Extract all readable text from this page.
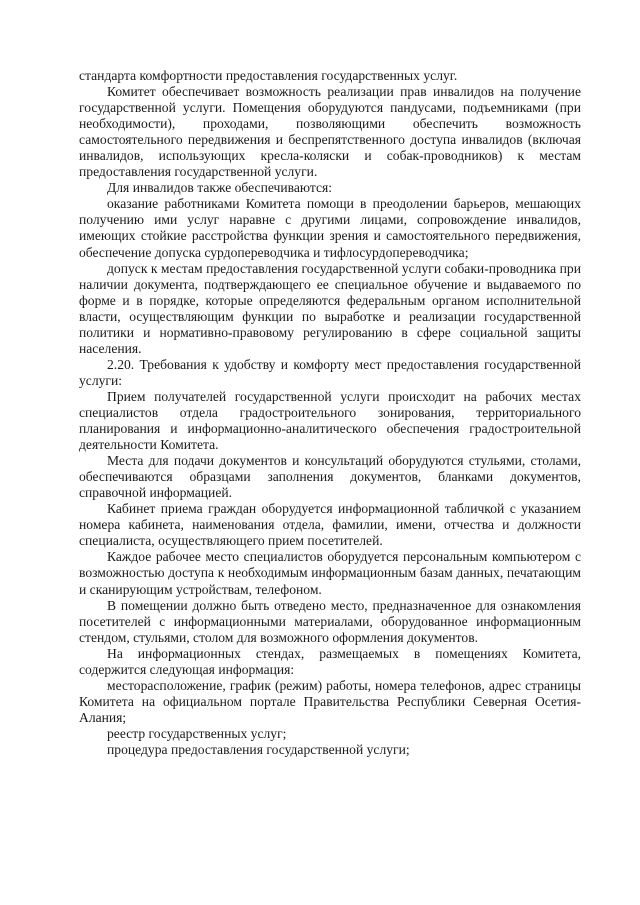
стандарта комфортности предоставления государственных услуг.

Комитет обеспечивает возможность реализации прав инвалидов на получение государственной услуги. Помещения оборудуются пандусами, подъемниками (при необходимости), проходами, позволяющими обеспечить возможность самостоятельного передвижения и беспрепятственного доступа инвалидов (включая инвалидов, использующих кресла-коляски и собак-проводников) к местам предоставления государственной услуги.

Для инвалидов также обеспечиваются:

оказание работниками Комитета помощи в преодолении барьеров, мешающих получению ими услуг наравне с другими лицами, сопровождение инвалидов, имеющих стойкие расстройства функции зрения и самостоятельного передвижения, обеспечение допуска сурдопереводчика и тифлосурдопереводчика;

допуск к местам предоставления государственной услуги собаки-проводника при наличии документа, подтверждающего ее специальное обучение и выдаваемого по форме и в порядке, которые определяются федеральным органом исполнительной власти, осуществляющим функции по выработке и реализации государственной политики и нормативно-правовому регулированию в сфере социальной защиты населения.

2.20. Требования к удобству и комфорту мест предоставления государственной услуги:

Прием получателей государственной услуги происходит на рабочих местах специалистов отдела градостроительного зонирования, территориального планирования и информационно-аналитического обеспечения градостроительной деятельности Комитета.

Места для подачи документов и консультаций оборудуются стульями, столами, обеспечиваются образцами заполнения документов, бланками документов, справочной информацией.

Кабинет приема граждан оборудуется информационной табличкой с указанием номера кабинета, наименования отдела, фамилии, имени, отчества и должности специалиста, осуществляющего прием посетителей.

Каждое рабочее место специалистов оборудуется персональным компьютером с возможностью доступа к необходимым информационным базам данных, печатающим и сканирующим устройствам, телефоном.

В помещении должно быть отведено место, предназначенное для ознакомления посетителей с информационными материалами, оборудованное информационным стендом, стульями, столом для возможного оформления документов.

На информационных стендах, размещаемых в помещениях Комитета, содержится следующая информация:

месторасположение, график (режим) работы, номера телефонов, адрес страницы Комитета на официальном портале Правительства Республики Северная Осетия-Алания;

реестр государственных услуг;

процедура предоставления государственной услуги;
